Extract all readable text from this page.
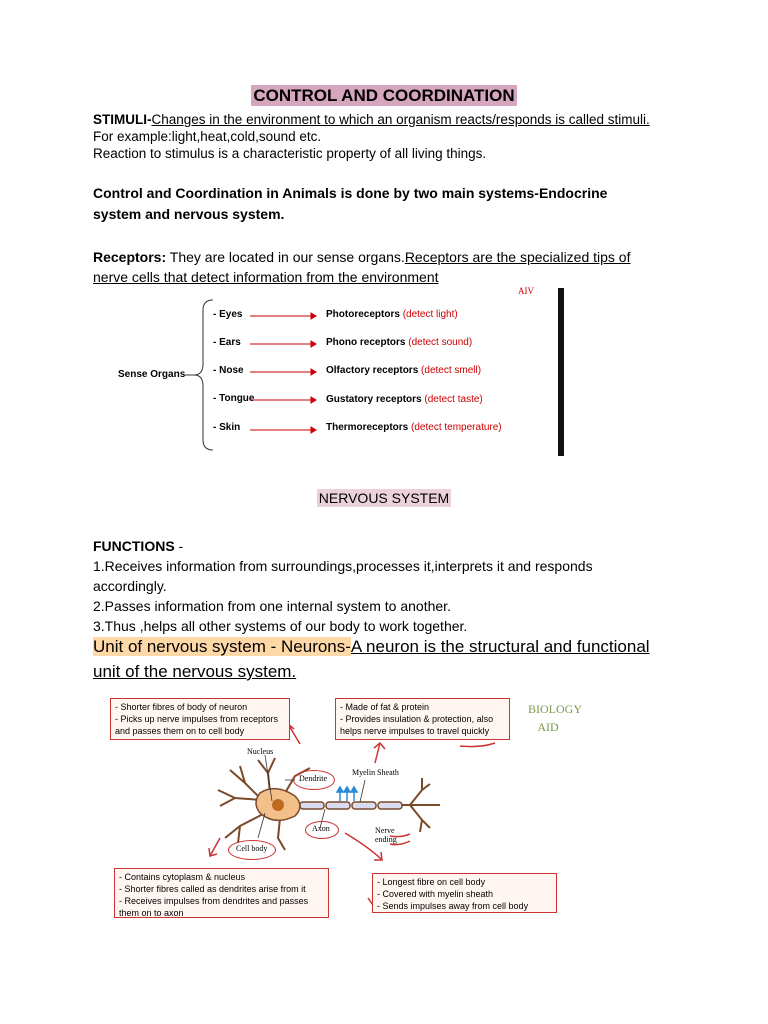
CONTROL AND COORDINATION
STIMULI-Changes in the environment to which an organism reacts/responds is called stimuli. For example:light,heat,cold,sound etc.
Reaction to stimulus is a characteristic property of all living things.
Control and Coordination in Animals is done by two main systems-Endocrine system and nervous system.
Receptors: They are located in our sense organs.Receptors are the specialized tips of nerve cells that detect information from the environment
Sense Organs
AIV
- Eyes
- Ears
- Nose
- Tongue
- Skin
Photoreceptors (detect light)
Phono receptors (detect sound)
Olfactory receptors (detect smell)
Gustatory receptors (detect taste)
Thermoreceptors (detect temperature)
NERVOUS SYSTEM
FUNCTIONS -
1.Receives information from surroundings,processes it,interprets it and responds accordingly.
2.Passes information from one internal system to another.
3.Thus ,helps all other systems of our body to work together.
Unit of nervous system - Neurons-A neuron is the structural and functional unit of the nervous system.
- Shorter fibres of body of neuron
- Picks up nerve impulses from receptors and passes them on to cell body
- Made of fat & protein
- Provides insulation & protection, also helps nerve impulses to travel quickly
- Contains cytoplasm & nucleus
- Shorter fibres called as dendrites arise from it
- Receives impulses from dendrites and passes them on to axon
- Longest fibre on cell body
- Covered with myelin sheath
- Sends impulses away from cell body
Nucleus
Dendrite
Myelin Sheath
Axon
Cell body
Nerve ending
BIOLOGY AID
